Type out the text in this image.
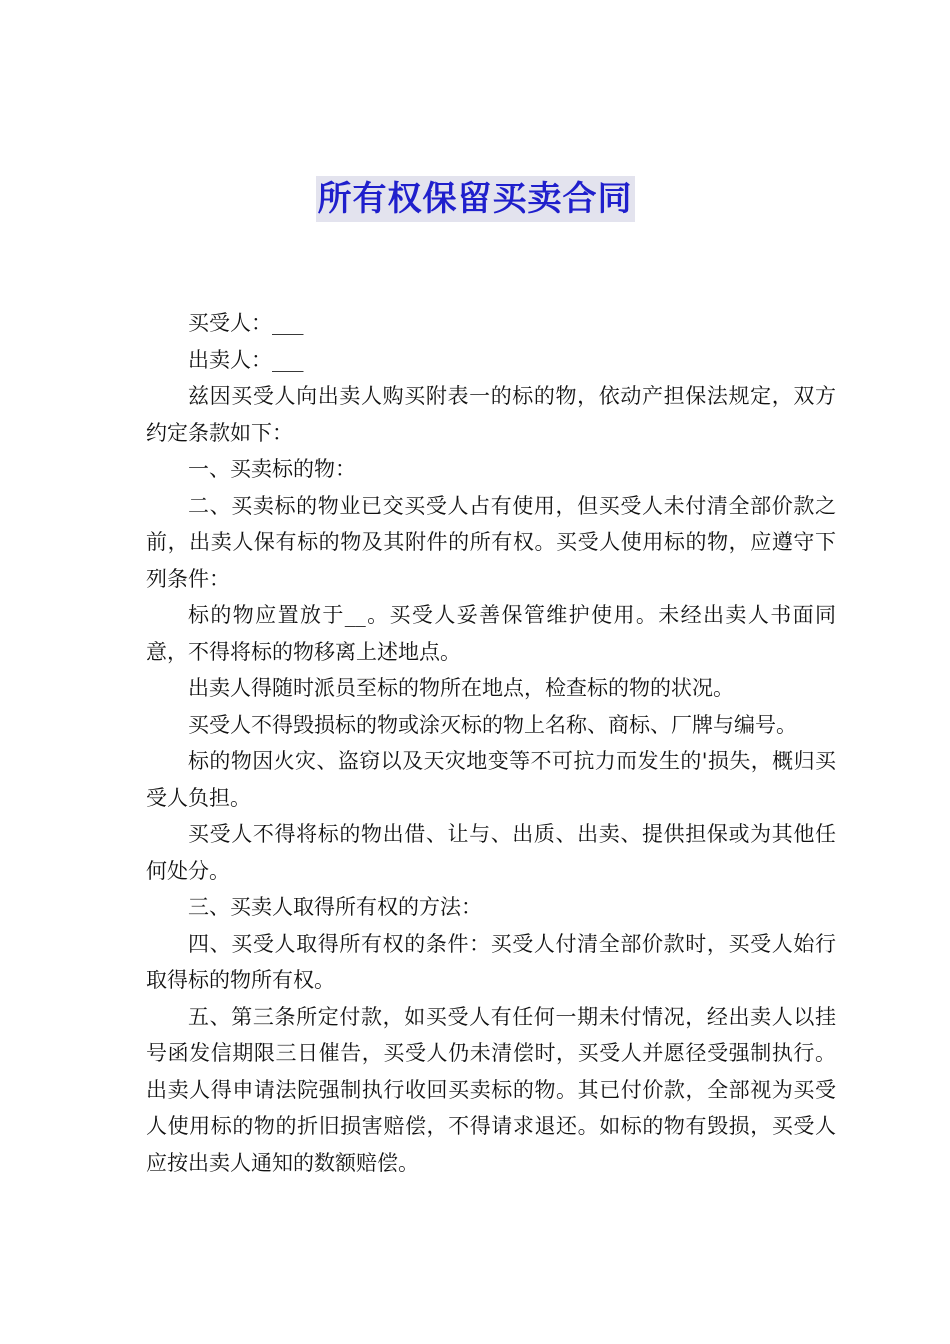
所有权保留买卖合同

买受人：___

出卖人：___

兹因买受人向出卖人购买附表一的标的物，依动产担保法规定，双方约定条款如下：

一、买卖标的物：

二、买卖标的物业已交买受人占有使用，但买受人未付清全部价款之前，出卖人保有标的物及其附件的所有权。买受人使用标的物，应遵守下列条件：

标的物应置放于__。买受人妥善保管维护使用。未经出卖人书面同意，不得将标的物移离上述地点。

出卖人得随时派员至标的物所在地点，检查标的物的状况。

买受人不得毁损标的物或涂灭标的物上名称、商标、厂牌与编号。

标的物因火灾、盗窃以及天灾地变等不可抗力而发生的'损失，概归买受人负担。

买受人不得将标的物出借、让与、出质、出卖、提供担保或为其他任何处分。

三、买卖人取得所有权的方法：

四、买受人取得所有权的条件：买受人付清全部价款时，买受人始行取得标的物所有权。

五、第三条所定付款，如买受人有任何一期未付情况，经出卖人以挂号函发信期限三日催告，买受人仍未清偿时，买受人并愿径受强制执行。出卖人得申请法院强制执行收回买卖标的物。其已付价款，全部视为买受人使用标的物的折旧损害赔偿，不得请求退还。如标的物有毁损，买受人应按出卖人通知的数额赔偿。
